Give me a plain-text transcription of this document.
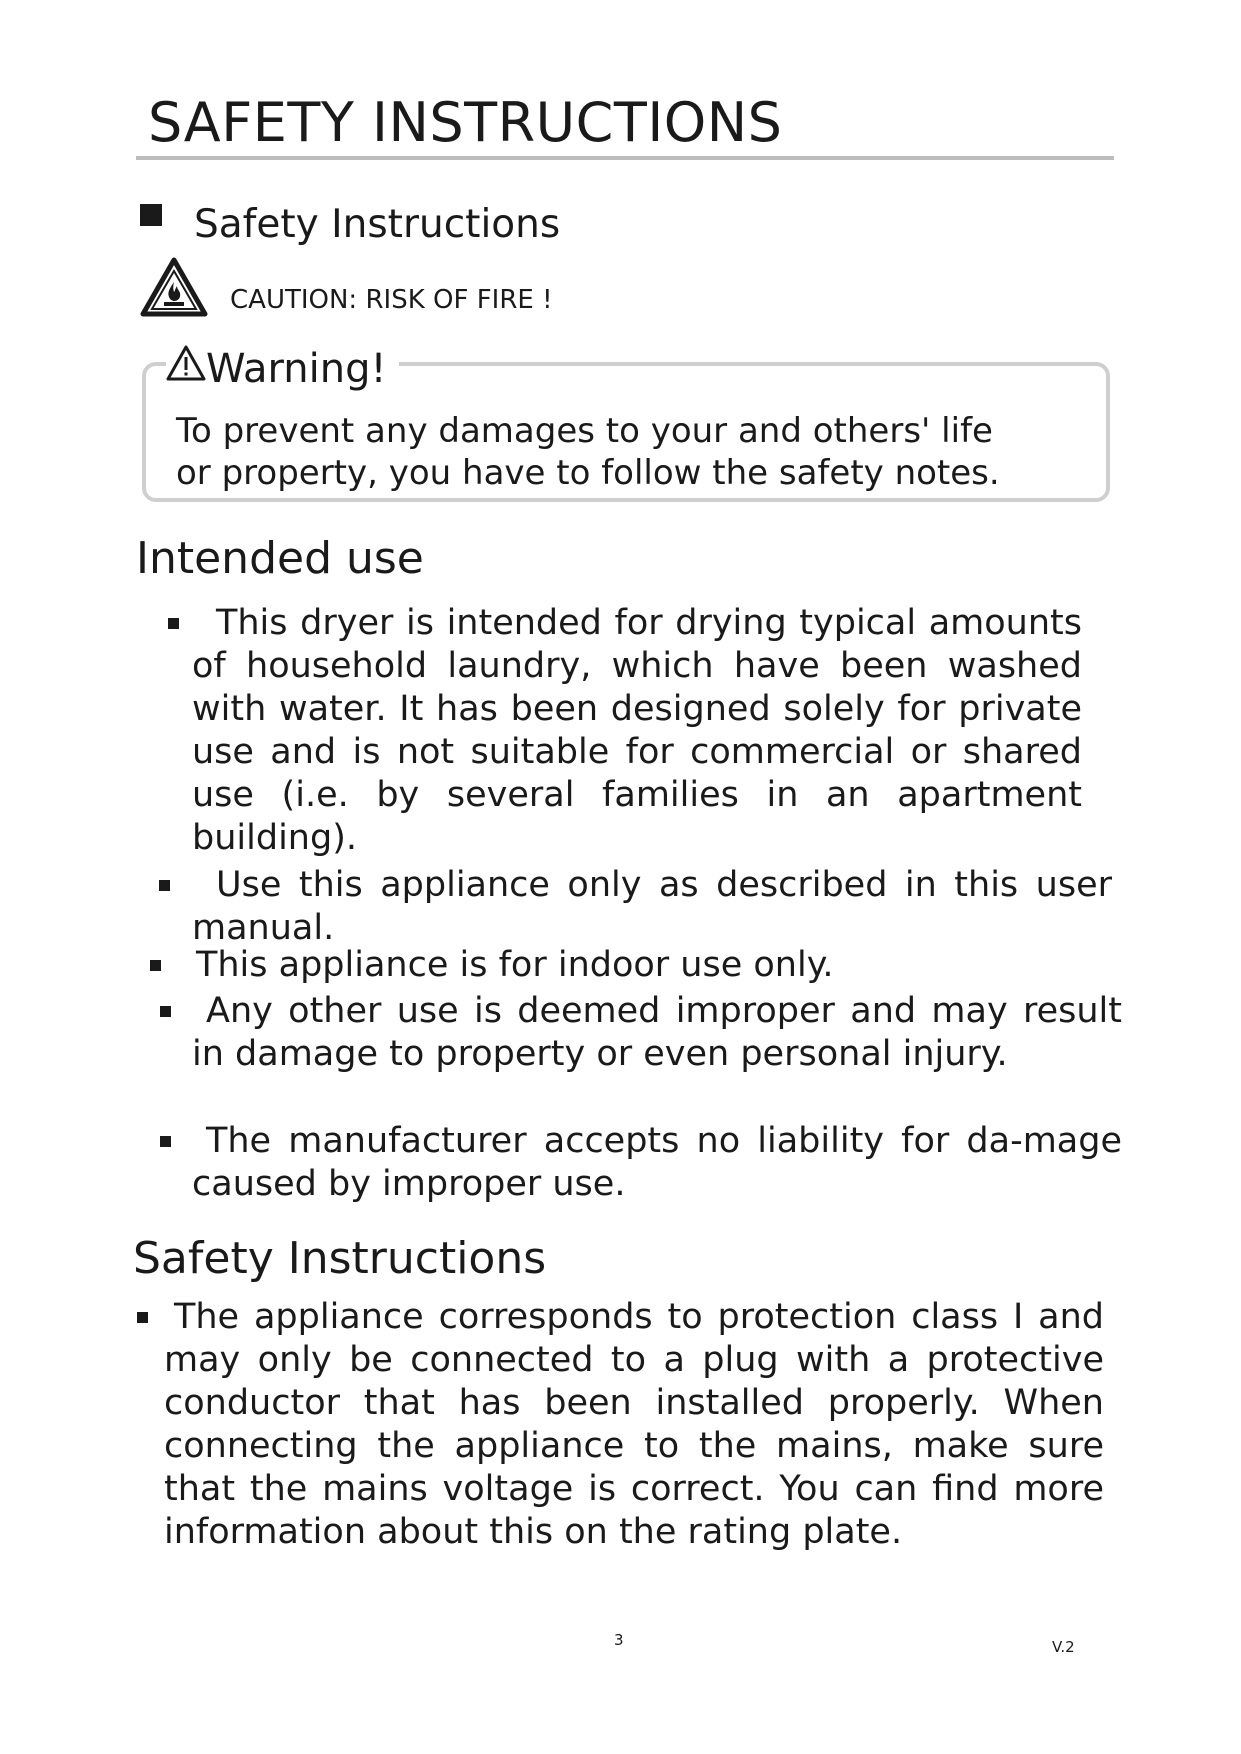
SAFETY INSTRUCTIONS
Safety Instructions
CAUTION: RISK OF FIRE !
Warning!
To prevent any damages to your and others' life
or property, you have to follow the safety notes.
Intended use
This dryer is intended for drying typical amounts of household laundry, which have been washed with water. It has been designed solely for private use and is not suitable for commercial or shared use (i.e. by several families in an apartment building).
Use this appliance only as described in this user manual.
This appliance is for indoor use only.
Any other use is deemed improper and may result in damage to property or even personal injury.
The manufacturer accepts no liability for da-mage caused by improper use.
Safety Instructions
The appliance corresponds to protection class I and may only be connected to a plug with a protective conductor that has been installed properly. When connecting the appliance to the mains, make sure that the mains voltage is correct. You can find more information about this on the rating plate.
3	V.2
